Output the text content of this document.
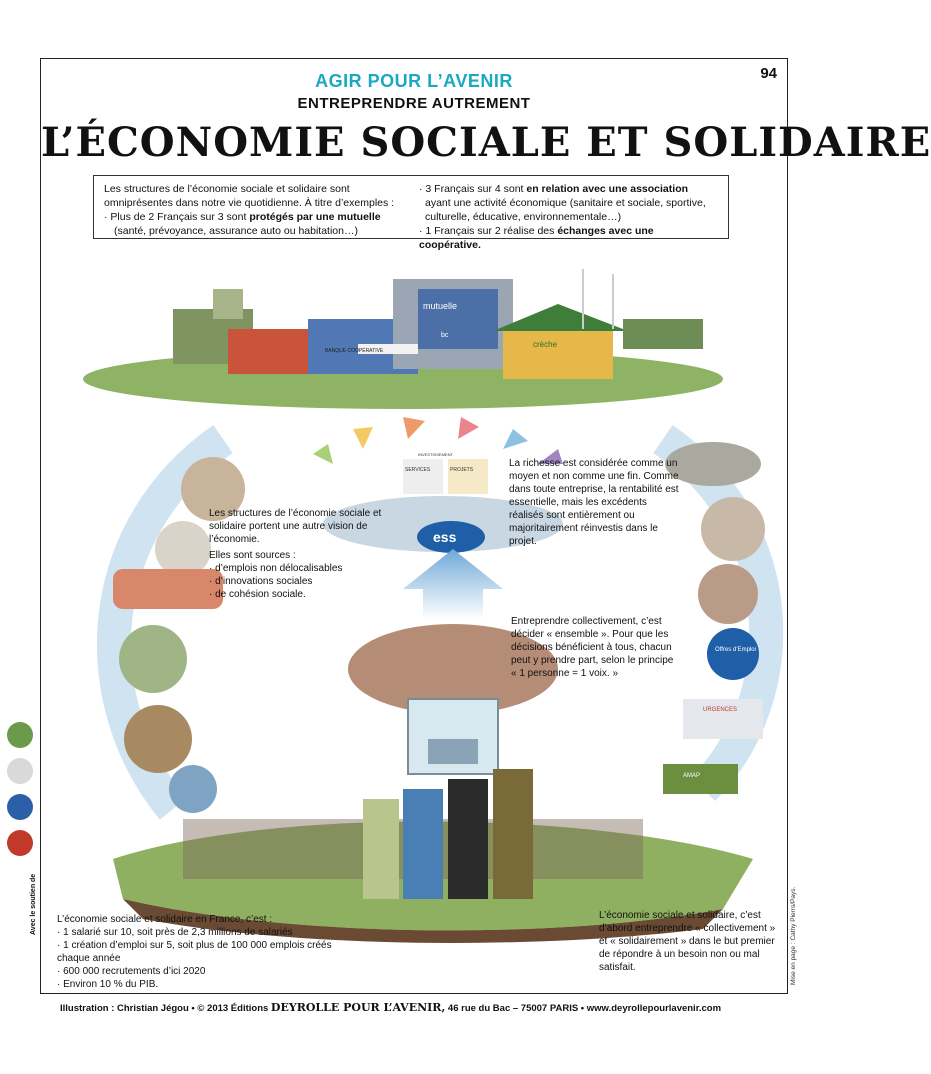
94
AGIR POUR L’AVENIR
ENTREPRENDRE AUTREMENT
L’ÉCONOMIE SOCIALE ET SOLIDAIRE
Les structures de l’économie sociale et solidaire sont
omniprésentes dans notre vie quotidienne. À titre d’exemples :
· Plus de 2 Français sur 3 sont protégés par une mutuelle
(santé, prévoyance, assurance auto ou habitation…)
· 3 Français sur 4 sont en relation avec une association
ayant une activité économique (sanitaire et sociale, sportive,
culturelle, éducative, environnementale…)
· 1 Français sur 2 réalise des échanges avec une coopérative.
mutuelle
BANQUE COOPÉRATIVE
crèche
bc
SERVICES	PROJETS
INVESTISSEMENT
ess
Offres d’Emploi
URGENCES
AMAP
Les structures de l’économie sociale et solidaire portent une autre vision de l’économie.
Elles sont sources :
· d’emplois non délocalisables
· d’innovations sociales
· de cohésion sociale.
La richesse est considérée comme un moyen et non comme une fin. Comme dans toute entreprise, la rentabilité est essentielle, mais les excédents réalisés sont entièrement ou majoritairement réinvestis dans le projet.
Entreprendre collectivement, c’est décider « ensemble ». Pour que les décisions bénéficient à tous, chacun peut y prendre part, selon le principe « 1 personne = 1 voix. »
L’économie sociale et solidaire en France, c’est :
· 1 salarié sur 10, soit près de 2,3 millions de salariés
· 1 création d’emploi sur 5, soit plus de 100 000 emplois créés chaque année
· 600 000 recrutements d’ici 2020
· Environ 10 % du PIB.
L’économie sociale et solidaire, c’est d’abord entreprendre « collectivement » et « solidairement » dans le but premier de répondre à un besoin non ou mal satisfait.
Avec le soutien de	Mise en page : Cathy Pierrs/Pays.
Illustration : Christian Jégou • © 2013 Éditions DEYROLLE POUR L’AVENIR, 46 rue du Bac – 75007 PARIS • www.deyrollepourlavenir.com
